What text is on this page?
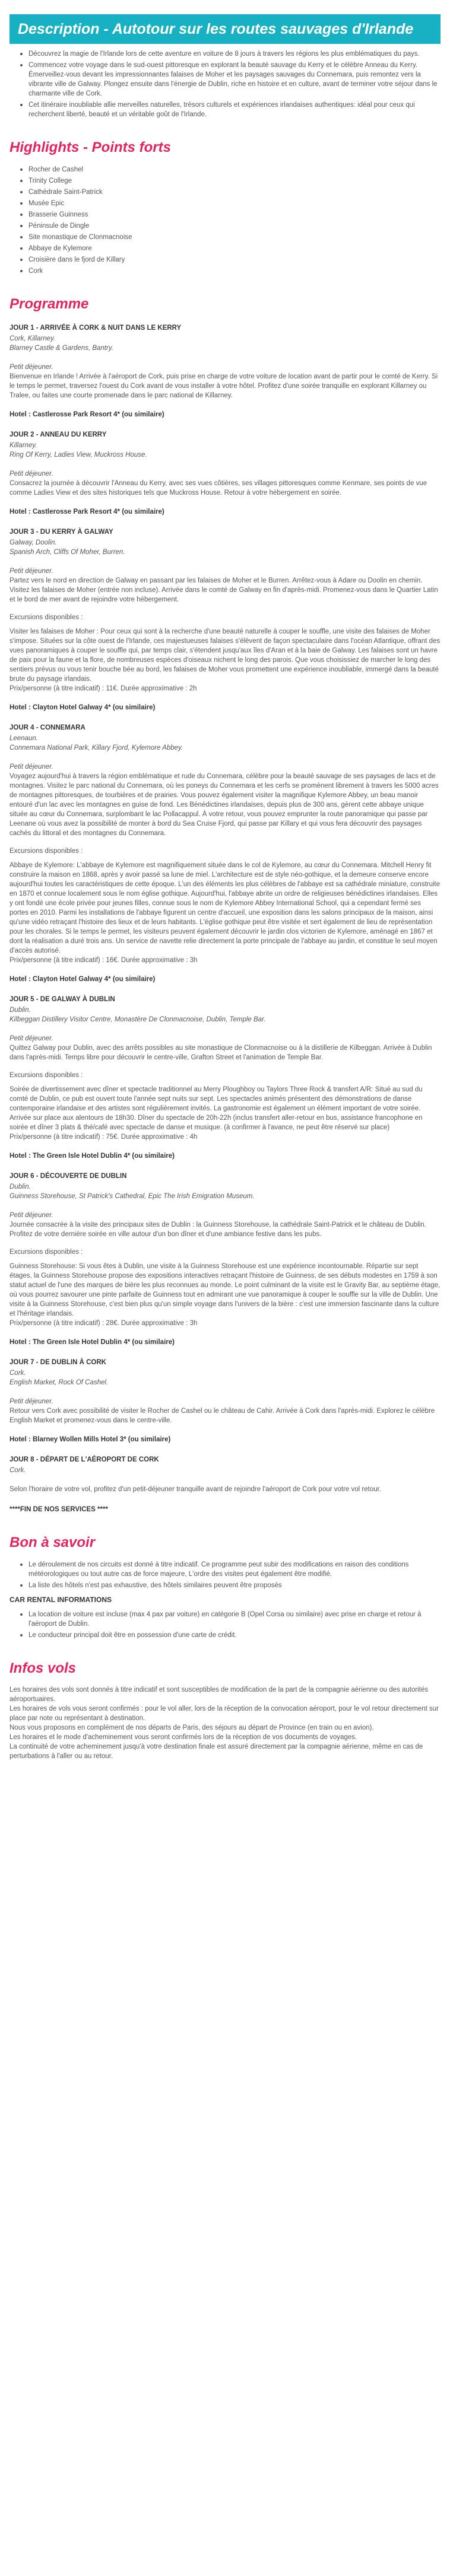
Description - Autotour sur les routes sauvages d'Irlande
• Découvrez la magie de l'Irlande lors de cette aventure en voiture de 8 jours à travers les régions les plus emblématiques du pays.
• Commencez votre voyage dans le sud-ouest pittoresque en explorant la beauté sauvage du Kerry et le célèbre Anneau du Kerry. Émerveillez-vous devant les impressionnantes falaises de Moher et les paysages sauvages du Connemara, puis remontez vers la vibrante ville de Galway. Plongez ensuite dans l'énergie de Dublin, riche en histoire et en culture, avant de terminer votre séjour dans le charmante ville de Cork.
• Cet itinéraire inoubliable allie merveilles naturelles, trésors culturels et expériences irlandaises authentiques: idéal pour ceux qui recherchent liberté, beauté et un véritable goût de l'Irlande.
Highlights - Points forts
• Rocher de Cashel
• Trinity College
• Cathédrale Saint-Patrick
• Musée Epic
• Brasserie Guinness
• Péninsule de Dingle
• Site monastique de Clonmacnoise
• Abbaye de Kylemore
• Croisière dans le fjord de Killary
• Cork
Programme
JOUR 1 - ARRIVÉE À CORK & NUIT DANS LE KERRY
Cork, Killarney.
Blarney Castle & Gardens, Bantry.
Petit déjeuner.
Bienvenue en Irlande ! Arrivée à l'aéroport de Cork, puis prise en charge de votre voiture de location avant de partir pour le comté de Kerry. Si le temps le permet, traversez l'ouest du Cork avant de vous installer à votre hôtel. Profitez d'une soirée tranquille en explorant Killarney ou Tralee, ou faites une courte promenade dans le parc national de Killarney.
Hotel : Castlerosse Park Resort 4* (ou similaire)
JOUR 2 - ANNEAU DU KERRY
Killarney.
Ring Of Kerry, Ladies View, Muckross House.
Petit déjeuner.
Consacrez la journée à découvrir l'Anneau du Kerry, avec ses vues côtières, ses villages pittoresques comme Kenmare, ses points de vue comme Ladies View et des sites historiques tels que Muckross House. Retour à votre hébergement en soirée.
Hotel : Castlerosse Park Resort 4* (ou similaire)
JOUR 3 - DU KERRY À GALWAY
Galway, Doolin.
Spanish Arch, Cliffs Of Moher, Burren.
Petit déjeuner.
Partez vers le nord en direction de Galway en passant par les falaises de Moher et le Burren. Arrêtez-vous à Adare ou Doolin en chemin. Visitez les falaises de Moher (entrée non incluse). Arrivée dans le comté de Galway en fin d'après-midi. Promenez-vous dans le Quartier Latin et le bord de mer avant de rejoindre votre hébergement.
Excursions disponibles :
Visiter les falaises de Moher : Pour ceux qui sont à la recherche d'une beauté naturelle à couper le souffle, une visite des falaises de Moher s'impose. Situées sur la côte ouest de l'Irlande, ces majestueuses falaises s'élèvent de façon spectaculaire dans l'océan Atlantique, offrant des vues panoramiques à couper le souffle qui, par temps clair, s'étendent jusqu'aux îles d'Aran et à la baie de Galway. Les falaises sont un havre de paix pour la faune et la flore, de nombreuses espèces d'oiseaux nichent le long des parois. Que vous choisissiez de marcher le long des sentiers prévus ou vous tenir bouche bée au bord, les falaises de Moher vous promettent une expérience inoubliable, immergé dans la beauté brute du paysage irlandais.
Prix/personne (à titre indicatif) : 11€. Durée approximative : 2h
Hotel : Clayton Hotel Galway 4* (ou similaire)
JOUR 4 - CONNEMARA
Leenaun.
Connemara National Park, Killary Fjord, Kylemore Abbey.
Petit déjeuner.
Voyagez aujourd'hui à travers la région emblématique et rude du Connemara, célèbre pour la beauté sauvage de ses paysages de lacs et de montagnes. Visitez le parc national du Connemara, où les poneys du Connemara et les cerfs se promènent librement à travers les 5000 acres de montagnes pittoresques, de tourbières et de prairies. Vous pouvez également visiter la magnifique Kylemore Abbey, un beau manoir entouré d'un lac avec les montagnes en guise de fond. Les Bénédictines irlandaises, depuis plus de 300 ans, gèrent cette abbaye unique située au cœur du Connemara, surplombant le lac Pollacappul. À votre retour, vous pouvez emprunter la route panoramique qui passe par Leenane où vous avez la possibilité de monter à bord du Sea Cruise Fjord, qui passe par Killary et qui vous fera découvrir des paysages cachés du littoral et des montagnes du Connemara.
Excursions disponibles :
Abbaye de Kylemore: L'abbaye de Kylemore est magnifiquement située dans le col de Kylemore, au cœur du Connemara. Mitchell Henry fit construire la maison en 1868, après y avoir passé sa lune de miel. L'architecture est de style néo-gothique, et la demeure conserve encore aujourd'hui toutes les caractéristiques de cette époque. L'un des éléments les plus célèbres de l'abbaye est sa cathédrale miniature, construite en 1870 et connue localement sous le nom église gothique. Aujourd'hui, l'abbaye abrite un ordre de religieuses bénédictines irlandaises. Elles y ont fondé une école privée pour jeunes filles, connue sous le nom de Kylemore Abbey International School, qui a cependant fermé ses portes en 2010. Parmi les installations de l'abbaye figurent un centre d'accueil, une exposition dans les salons principaux de la maison, ainsi qu'une vidéo retraçant l'histoire des lieux et de leurs habitants. L'église gothique peut être visitée et sert également de lieu de représentation pour les chorales. Si le temps le permet, les visiteurs peuvent également découvrir le jardin clos victorien de Kylemore, aménagé en 1867 et dont la réalisation a duré trois ans. Un service de navette relie directement la porte principale de l'abbaye au jardin, et constitue le seul moyen d'accès autorisé.
Prix/personne (à titre indicatif) : 16€. Durée approximative : 3h
Hotel : Clayton Hotel Galway 4* (ou similaire)
JOUR 5 - DE GALWAY À DUBLIN
Dublin.
Kilbeggan Distillery Visitor Centre, Monastère De Clonmacnoise, Dublin, Temple Bar.
Petit déjeuner.
Quittez Galway pour Dublin, avec des arrêts possibles au site monastique de Clonmacnoise ou à la distillerie de Kilbeggan. Arrivée à Dublin dans l'après-midi. Temps libre pour découvrir le centre-ville, Grafton Street et l'animation de Temple Bar.
Excursions disponibles :
Soirée de divertissement avec dîner et spectacle traditionnel au Merry Ploughboy ou Taylors Three Rock & transfert A/R: Situé au sud du comté de Dublin, ce pub est ouvert toute l'année sept nuits sur sept. Les spectacles animés présentent des démonstrations de danse contemporaine irlandaise et des artistes sont régulièrement invités. La gastronomie est également un élément important de votre soirée. Arrivée sur place aux alentours de 18h30. Dîner du spectacle de 20h-22h (inclus transfert aller-retour en bus, assistance francophone en soirée et dîner 3 plats & thé/café avec spectacle de danse et musique. (à confirmer à l'avance, ne peut être réservé sur place)
Prix/personne (à titre indicatif) : 75€. Durée approximative : 4h
Hotel : The Green Isle Hotel Dublin 4* (ou similaire)
JOUR 6 - DÉCOUVERTE DE DUBLIN
Dublin.
Guinness Storehouse, St Patrick's Cathedral, Epic The Irish Emigration Museum.
Petit déjeuner.
Journée consacrée à la visite des principaux sites de Dublin : la Guinness Storehouse, la cathédrale Saint-Patrick et le château de Dublin. Profitez de votre dernière soirée en ville autour d'un bon dîner et d'une ambiance festive dans les pubs.
Excursions disponibles :
Guinness Storehouse: Si vous êtes à Dublin, une visite à la Guinness Storehouse est une expérience incontournable. Répartie sur sept étages, la Guinness Storehouse propose des expositions interactives retraçant l'histoire de Guinness, de ses débuts modestes en 1759 à son statut actuel de l'une des marques de bière les plus reconnues au monde. Le point culminant de la visite est le Gravity Bar, au septième étage, où vous pourrez savourer une pinte parfaite de Guinness tout en admirant une vue panoramique à couper le souffle sur la ville de Dublin. Une visite à la Guinness Storehouse, c'est bien plus qu'un simple voyage dans l'univers de la bière : c'est une immersion fascinante dans la culture et l'héritage irlandais.
Prix/personne (à titre indicatif) : 28€. Durée approximative : 3h
Hotel : The Green Isle Hotel Dublin 4* (ou similaire)
JOUR 7 - DE DUBLIN À CORK
Cork.
English Market, Rock Of Cashel.
Petit déjeuner.
Retour vers Cork avec possibilité de visiter le Rocher de Cashel ou le château de Cahir. Arrivée à Cork dans l'après-midi. Explorez le célèbre English Market et promenez-vous dans le centre-ville.
Hotel : Blarney Wollen Mills Hotel 3* (ou similaire)
JOUR 8 - DÉPART DE L'AÉROPORT DE CORK
Cork.
Selon l'horaire de votre vol, profitez d'un petit-déjeuner tranquille avant de rejoindre l'aéroport de Cork pour votre vol retour.
****FIN DE NOS SERVICES ****
Bon à savoir
• Le déroulement de nos circuits est donné à titre indicatif. Ce programme peut subir des modifications en raison des conditions météorologiques ou tout autre cas de force majeure, L'ordre des visites peut également être modifié.
• La liste des hôtels n'est pas exhaustive, des hôtels similaires peuvent être proposés
CAR RENTAL INFORMATIONS
• La location de voiture est incluse (max 4 pax par voiture) en catégorie B (Opel Corsa ou similaire) avec prise en charge et retour à l'aéroport de Dublin.
• Le conducteur principal doit être en possession d'une carte de crédit.
Infos vols
Les horaires des vols sont donnés à titre indicatif et sont susceptibles de modification de la part de la compagnie aérienne ou des autorités aéroportuaires.
Les horaires de vols vous seront confirmés : pour le vol aller, lors de la réception de la convocation aéroport, pour le vol retour directement sur place par note ou représentant à destination.
Nous vous proposons en complément de nos départs de Paris, des séjours au départ de Province (en train ou en avion).
Les horaires et le mode d'acheminement vous seront confirmés lors de la réception de vos documents de voyages.
La continuité de votre acheminement jusqu'à votre destination finale est assuré directement par la compagnie aérienne, même en cas de perturbations à l'aller ou au retour.
